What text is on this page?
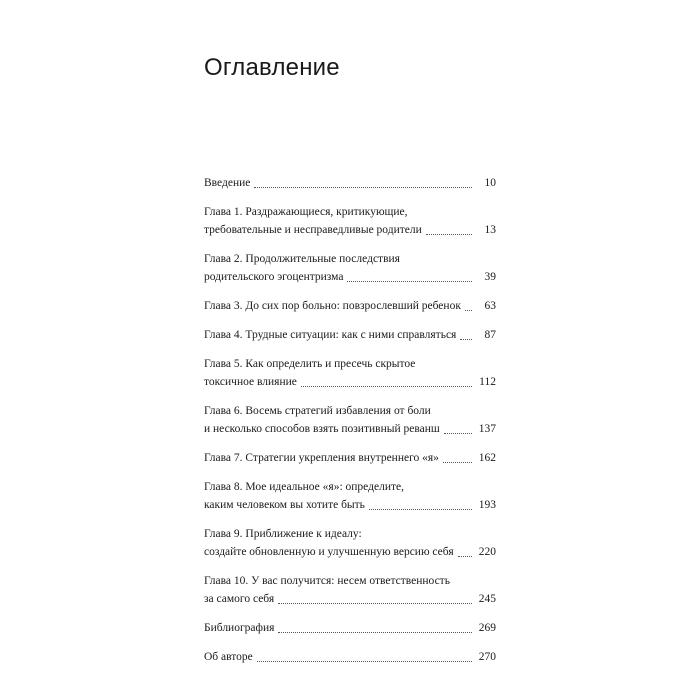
Оглавление
Введение	10
Глава 1. Раздражающиеся, критикующие,
требовательные и несправедливые родители	13
Глава 2. Продолжительные последствия
родительского эгоцентризма	39
Глава 3. До сих пор больно: повзрослевший ребенок	63
Глава 4. Трудные ситуации: как с ними справляться	87
Глава 5. Как определить и пресечь скрытое
токсичное влияние	112
Глава 6. Восемь стратегий избавления от боли
и несколько способов взять позитивный реванш	137
Глава 7. Стратегии укрепления внутреннего «я»	162
Глава 8. Мое идеальное «я»: определите,
каким человеком вы хотите быть	193
Глава 9. Приближение к идеалу:
создайте обновленную и улучшенную версию себя 220
Глава 10. У вас получится: несем ответственность
за самого себя	245
Библиография	269
Об авторе	270
